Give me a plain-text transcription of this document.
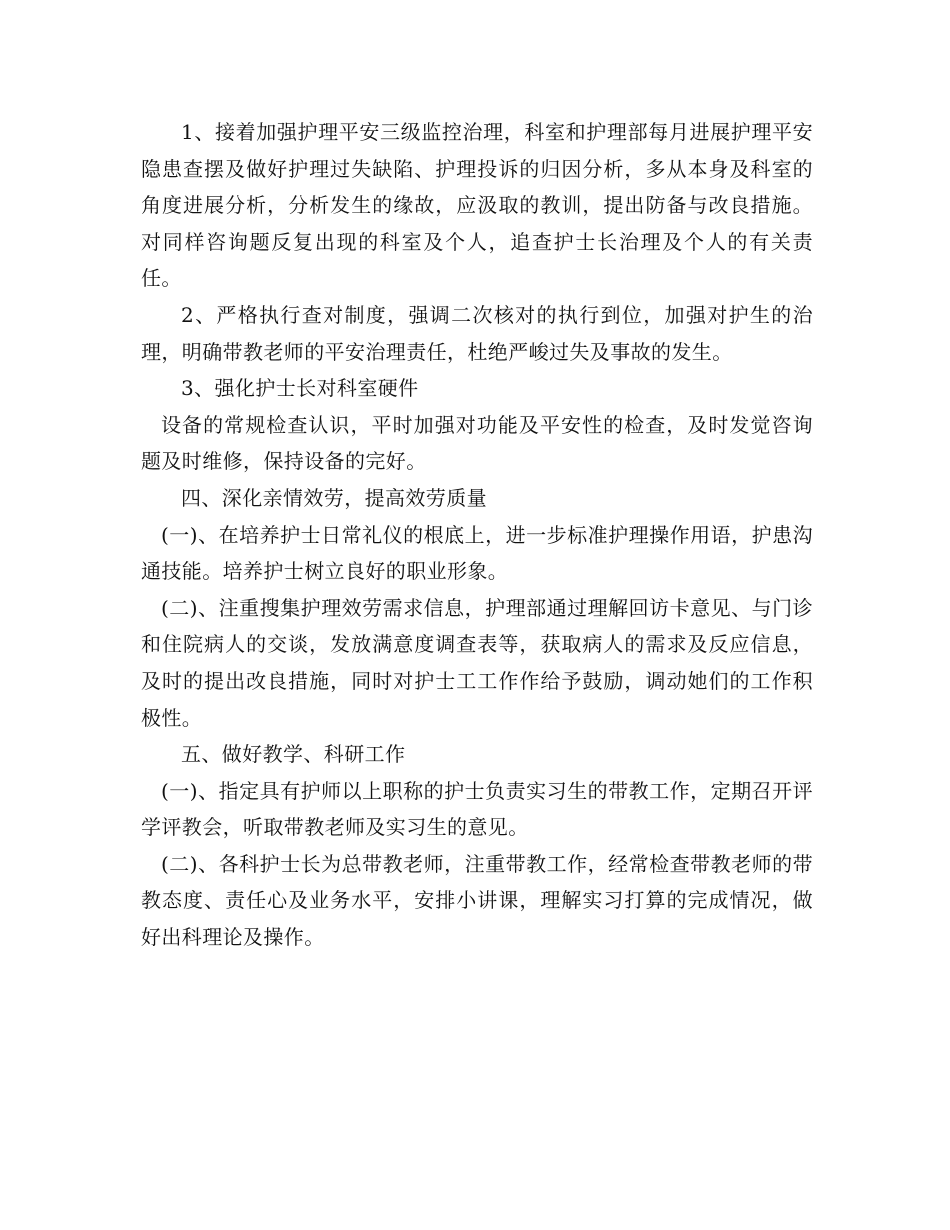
1、接着加强护理平安三级监控治理，科室和护理部每月进展护理平安隐患查摆及做好护理过失缺陷、护理投诉的归因分析，多从本身及科室的角度进展分析，分析发生的缘故，应汲取的教训，提出防备与改良措施。对同样咨询题反复出现的科室及个人，追查护士长治理及个人的有关责任。

2、严格执行查对制度，强调二次核对的执行到位，加强对护生的治理，明确带教老师的平安治理责任，杜绝严峻过失及事故的发生。

3、强化护士长对科室硬件

设备的常规检查认识，平时加强对功能及平安性的检查，及时发觉咨询题及时维修，保持设备的完好。

四、深化亲情效劳，提高效劳质量

(一)、在培养护士日常礼仪的根底上，进一步标准护理操作用语，护患沟通技能。培养护士树立良好的职业形象。

(二)、注重搜集护理效劳需求信息，护理部通过理解回访卡意见、与门诊和住院病人的交谈，发放满意度调查表等，获取病人的需求及反应信息，及时的提出改良措施，同时对护士工工作作给予鼓励，调动她们的工作积极性。

五、做好教学、科研工作

(一)、指定具有护师以上职称的护士负责实习生的带教工作，定期召开评学评教会，听取带教老师及实习生的意见。

(二)、各科护士长为总带教老师，注重带教工作，经常检查带教老师的带教态度、责任心及业务水平，安排小讲课，理解实习打算的完成情况，做好出科理论及操作。
